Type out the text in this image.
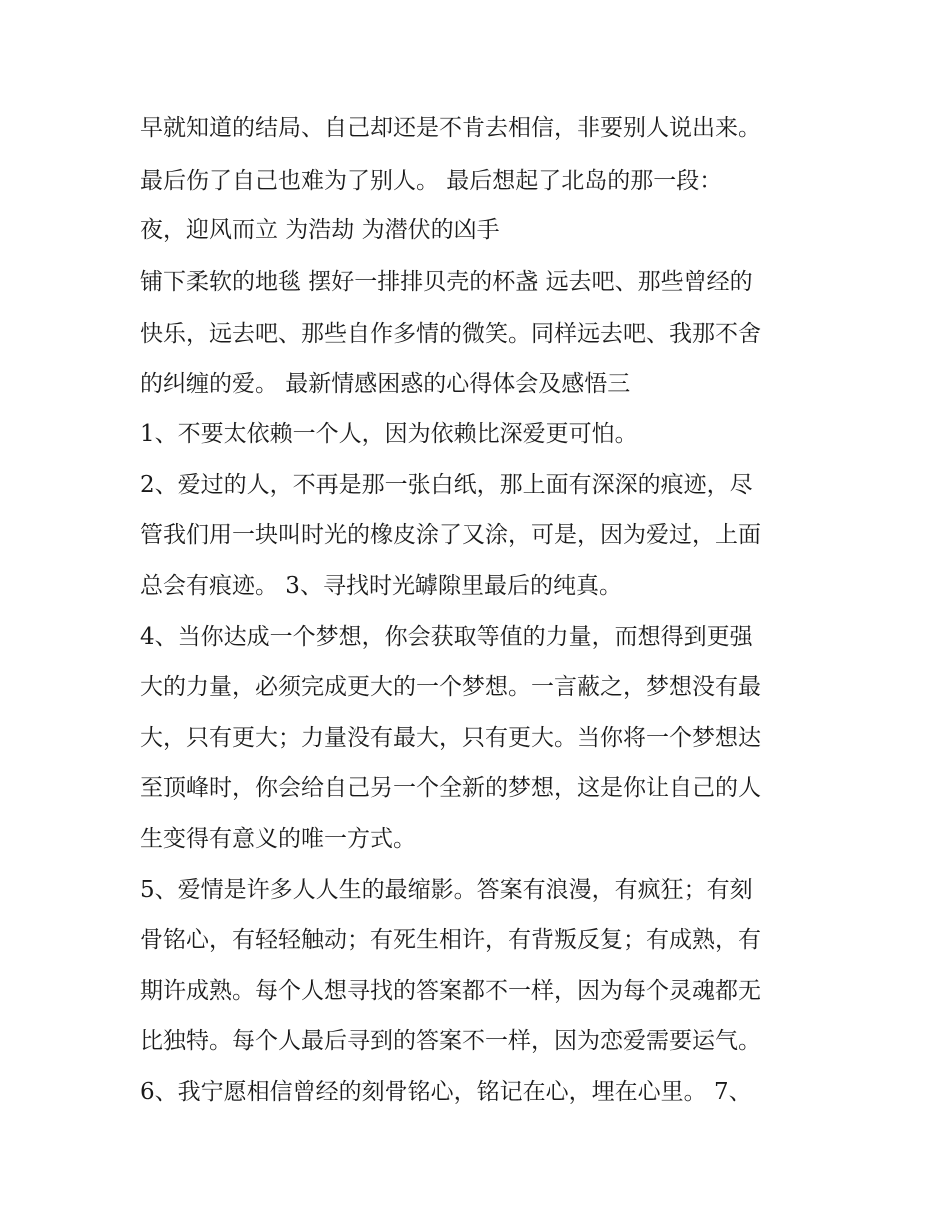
早就知道的结局、自己却还是不肯去相信，非要别人说出来。
最后伤了自己也难为了别人。 最后想起了北岛的那一段：
夜，迎风而立 为浩劫 为潜伏的凶手
铺下柔软的地毯 摆好一排排贝壳的杯盏 远去吧、那些曾经的
快乐，远去吧、那些自作多情的微笑。同样远去吧、我那不舍
的纠缠的爱。 最新情感困惑的心得体会及感悟三
1、不要太依赖一个人，因为依赖比深爱更可怕。
2、爱过的人，不再是那一张白纸，那上面有深深的痕迹，尽
管我们用一块叫时光的橡皮涂了又涂，可是，因为爱过，上面
总会有痕迹。 3、寻找时光罅隙里最后的纯真。
4、当你达成一个梦想，你会获取等值的力量，而想得到更强
大的力量，必须完成更大的一个梦想。一言蔽之，梦想没有最
大，只有更大；力量没有最大，只有更大。当你将一个梦想达
至顶峰时，你会给自己另一个全新的梦想，这是你让自己的人
生变得有意义的唯一方式。
5、爱情是许多人人生的最缩影。答案有浪漫，有疯狂；有刻
骨铭心，有轻轻触动；有死生相许，有背叛反复；有成熟，有
期许成熟。每个人想寻找的答案都不一样，因为每个灵魂都无
比独特。每个人最后寻到的答案不一样，因为恋爱需要运气。
6、我宁愿相信曾经的刻骨铭心，铭记在心，埋在心里。 7、
